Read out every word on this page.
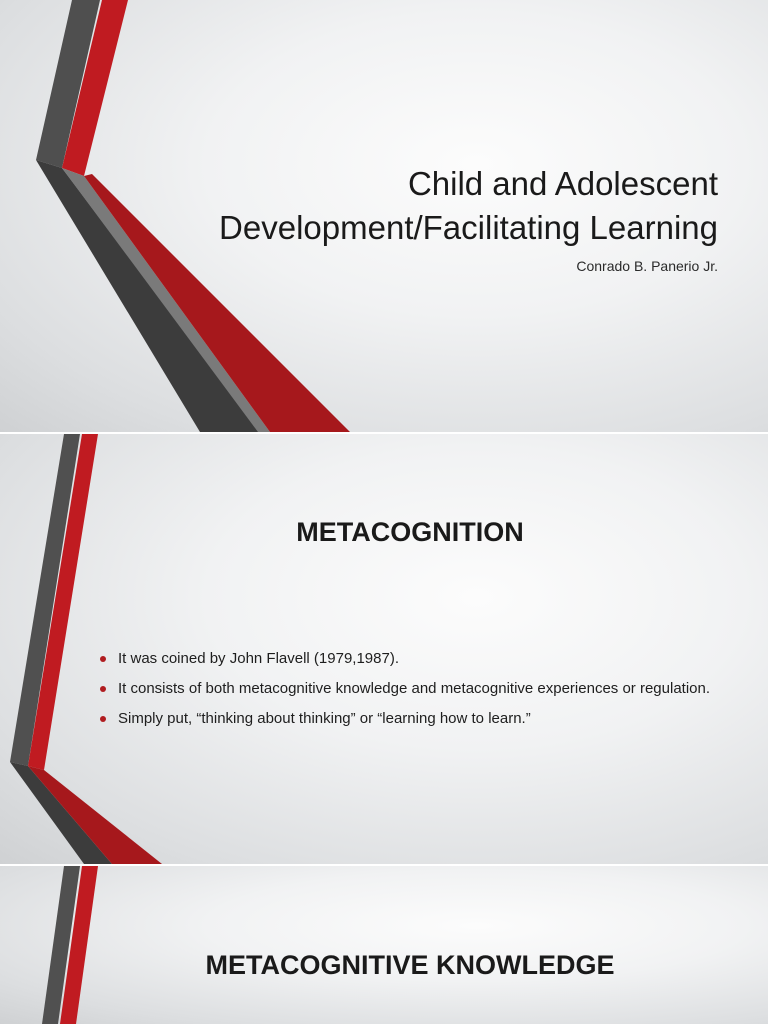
Child and Adolescent Development/Facilitating Learning
Conrado B. Panerio Jr.
METACOGNITION
It was coined by John Flavell (1979,1987).
It consists of both metacognitive knowledge and metacognitive experiences or regulation.
Simply put, “thinking about thinking” or “learning how to learn.”
METACOGNITIVE KNOWLEDGE
